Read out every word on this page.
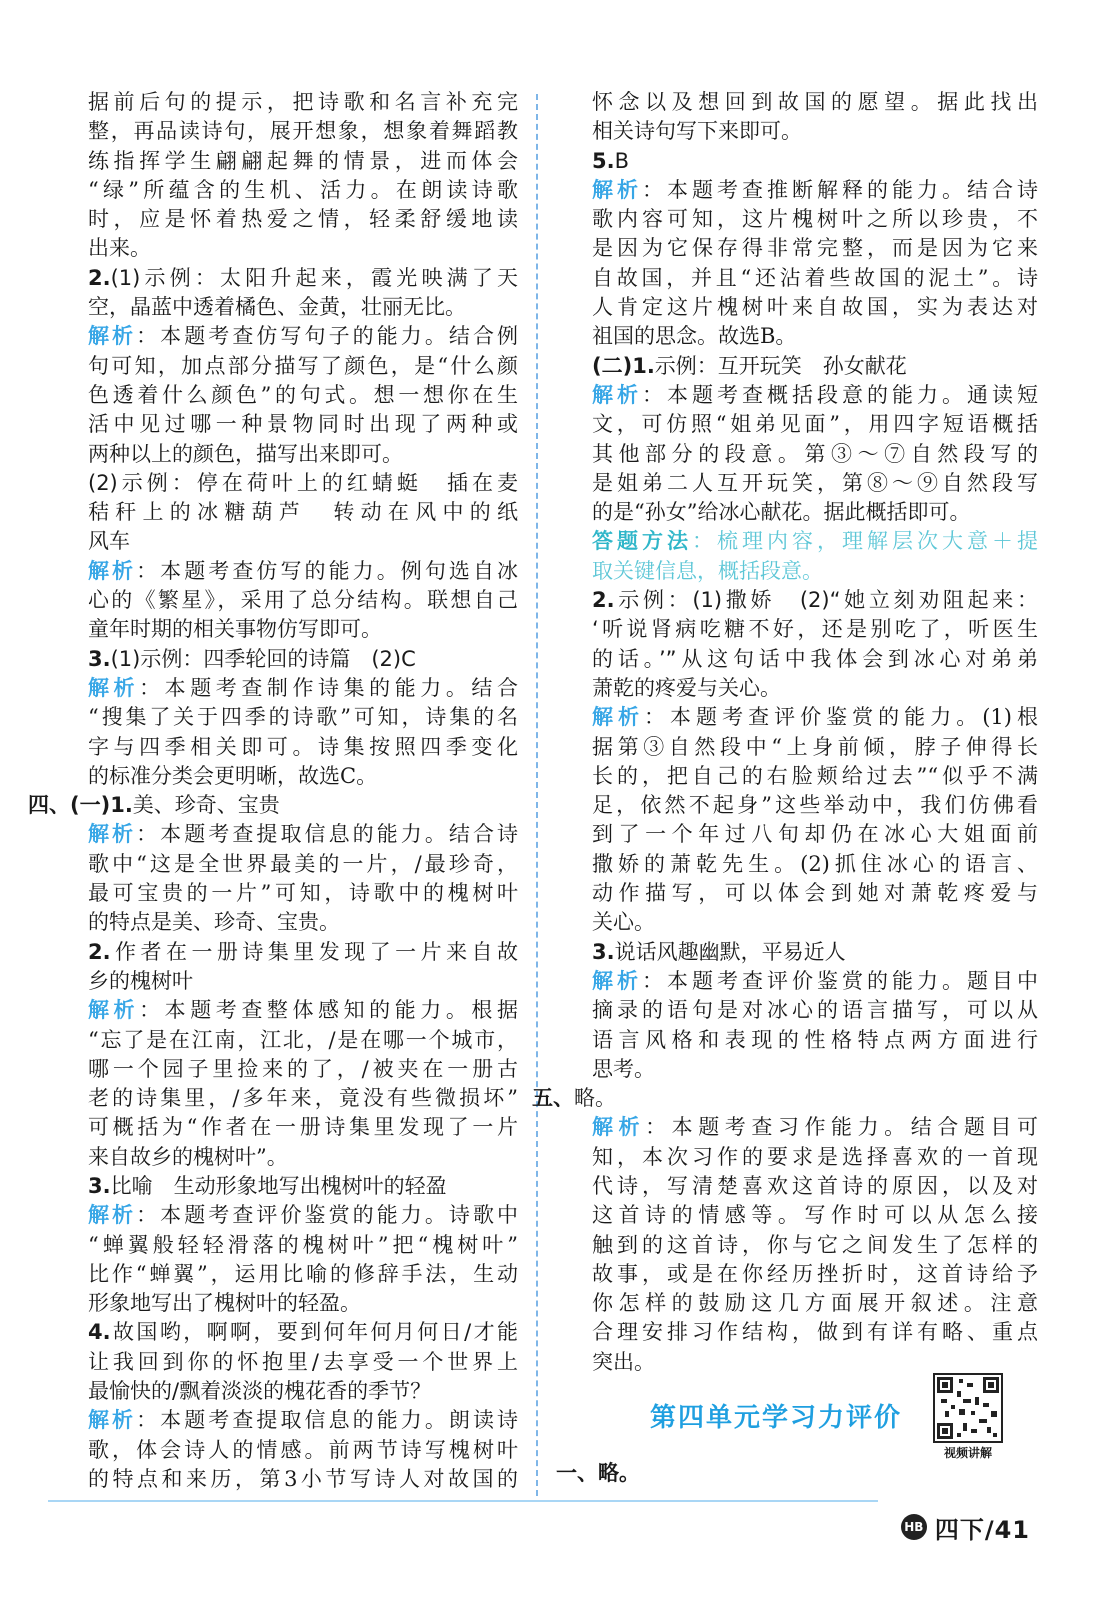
据前后句的提示，把诗歌和名言补充完
整，再品读诗句，展开想象，想象着舞蹈教
练指挥学生翩翩起舞的情景，进而体会
“绿”所蕴含的生机、活力。在朗读诗歌
时，应是怀着热爱之情，轻柔舒缓地读
出来。
2.(1)示例：太阳升起来，霞光映满了天
空，晶蓝中透着橘色、金黄，壮丽无比。
解析：本题考查仿写句子的能力。结合例
句可知，加点部分描写了颜色，是“什么颜
色透着什么颜色”的句式。想一想你在生
活中见过哪一种景物同时出现了两种或
两种以上的颜色，描写出来即可。
(2)示例：停在荷叶上的红蜻蜓　插在麦
秸秆上的冰糖葫芦　转动在风中的纸
风车
解析：本题考查仿写的能力。例句选自冰
心的《繁星》，采用了总分结构。联想自己
童年时期的相关事物仿写即可。
3.(1)示例：四季轮回的诗篇　(2)C
解析：本题考查制作诗集的能力。结合
“搜集了关于四季的诗歌”可知，诗集的名
字与四季相关即可。诗集按照四季变化
的标准分类会更明晰，故选C。
四、(一)1.美、珍奇、宝贵
解析：本题考查提取信息的能力。结合诗
歌中“这是全世界最美的一片，/最珍奇，
最可宝贵的一片”可知，诗歌中的槐树叶
的特点是美、珍奇、宝贵。
2.作者在一册诗集里发现了一片来自故
乡的槐树叶
解析：本题考查整体感知的能力。根据
“忘了是在江南，江北，/是在哪一个城市，
哪一个园子里捡来的了，/被夹在一册古
老的诗集里，/多年来，竟没有些微损坏”
可概括为“作者在一册诗集里发现了一片
来自故乡的槐树叶”。
3.比喻　生动形象地写出槐树叶的轻盈
解析：本题考查评价鉴赏的能力。诗歌中
“蝉翼般轻轻滑落的槐树叶”把“槐树叶”
比作“蝉翼”，运用比喻的修辞手法，生动
形象地写出了槐树叶的轻盈。
4.故国哟，啊啊，要到何年何月何日/才能
让我回到你的怀抱里/去享受一个世界上
最愉快的/飘着淡淡的槐花香的季节？
解析：本题考查提取信息的能力。朗读诗
歌，体会诗人的情感。前两节诗写槐树叶
的特点和来历，第3小节写诗人对故国的
怀念以及想回到故国的愿望。据此找出
相关诗句写下来即可。
5.B
解析：本题考查推断解释的能力。结合诗
歌内容可知，这片槐树叶之所以珍贵，不
是因为它保存得非常完整，而是因为它来
自故国，并且“还沾着些故国的泥土”。诗
人肯定这片槐树叶来自故国，实为表达对
祖国的思念。故选B。
(二)1.示例：互开玩笑　孙女献花
解析：本题考查概括段意的能力。通读短
文，可仿照“姐弟见面”，用四字短语概括
其他部分的段意。第③～⑦自然段写的
是姐弟二人互开玩笑，第⑧～⑨自然段写
的是“孙女”给冰心献花。据此概括即可。
答题方法：梳理内容，理解层次大意＋提
取关键信息，概括段意。
2.示例：(1)撒娇　(2)“她立刻劝阻起来：
‘听说肾病吃糖不好，还是别吃了，听医生
的话。’”从这句话中我体会到冰心对弟弟
萧乾的疼爱与关心。
解析：本题考查评价鉴赏的能力。(1)根
据第③自然段中“上身前倾，脖子伸得长
长的，把自己的右脸颊给过去”“似乎不满
足，依然不起身”这些举动中，我们仿佛看
到了一个年过八旬却仍在冰心大姐面前
撒娇的萧乾先生。(2)抓住冰心的语言、
动作描写，可以体会到她对萧乾疼爱与
关心。
3.说话风趣幽默，平易近人
解析：本题考查评价鉴赏的能力。题目中
摘录的语句是对冰心的语言描写，可以从
语言风格和表现的性格特点两方面进行
思考。
五、略。
解析：本题考查习作能力。结合题目可
知，本次习作的要求是选择喜欢的一首现
代诗，写清楚喜欢这首诗的原因，以及对
这首诗的情感等。写作时可以从怎么接
触到的这首诗，你与它之间发生了怎样的
故事，或是在你经历挫折时，这首诗给予
你怎样的鼓励这几方面展开叙述。注意
合理安排习作结构，做到有详有略、重点
突出。
第四单元学习力评价
视频讲解
一、略。
HB 四下/41
